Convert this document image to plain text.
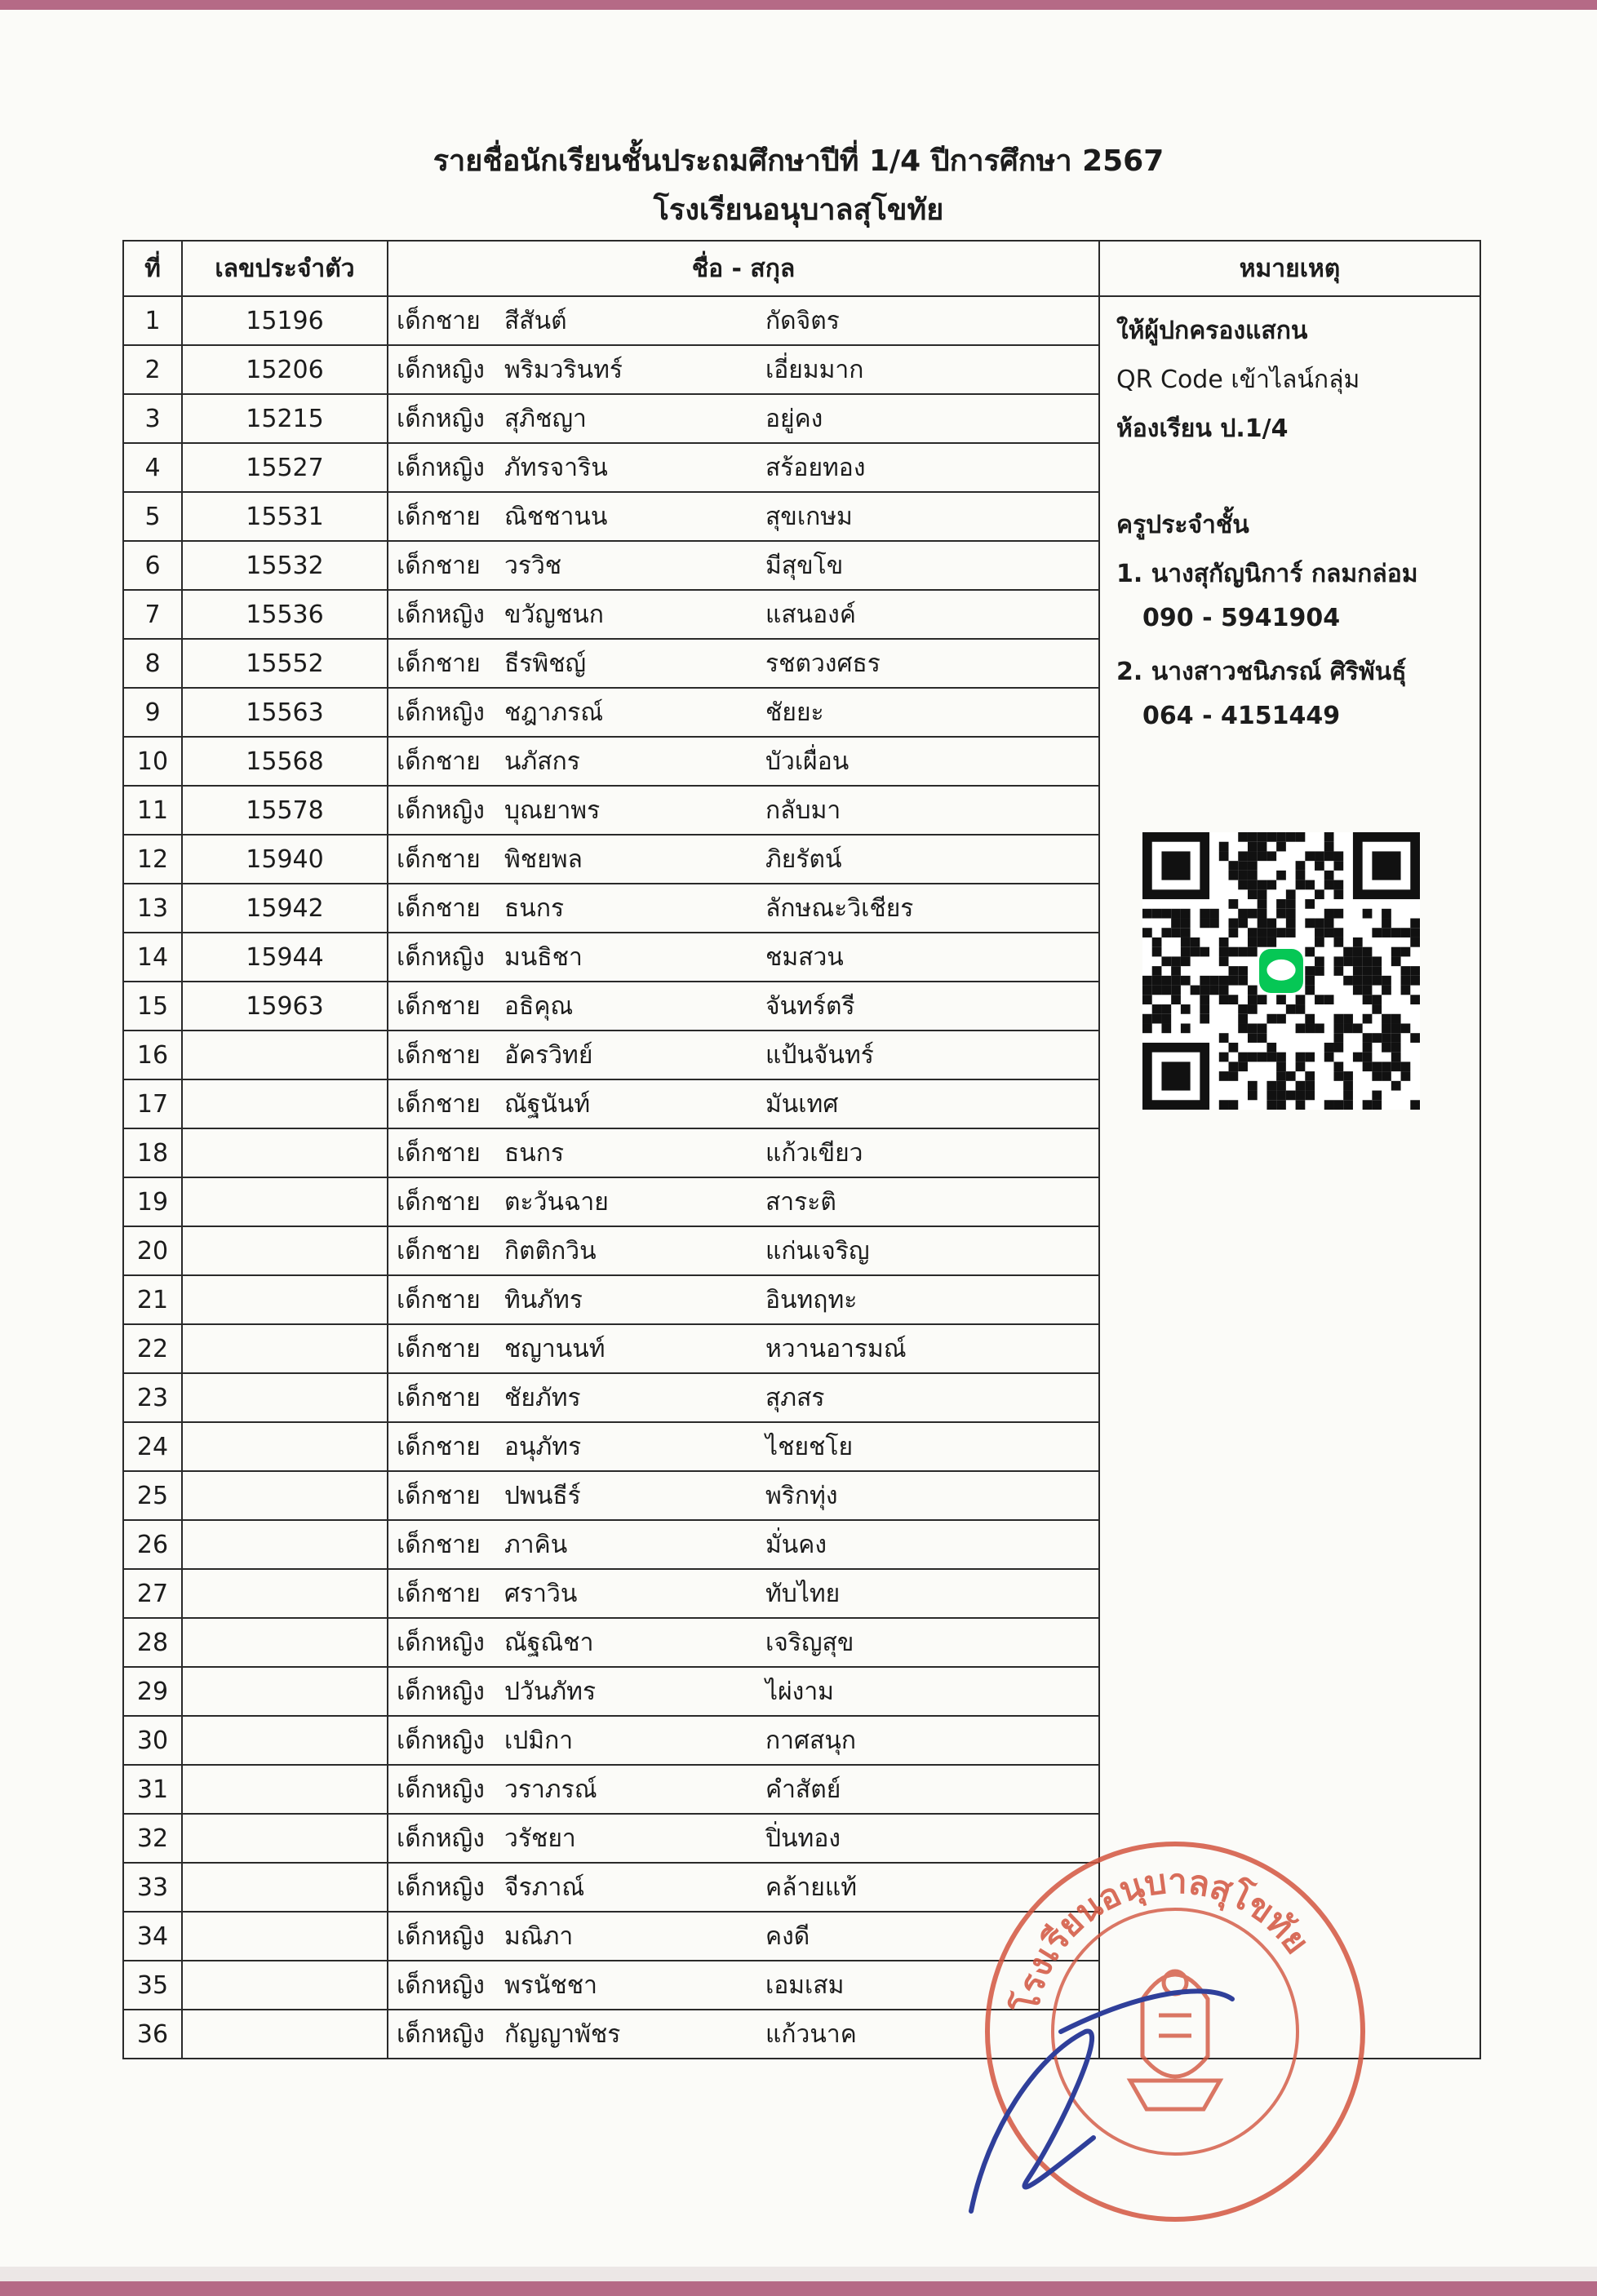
รายชื่อนักเรียนชั้นประถมศึกษาปีที่ 1/4 ปีการศึกษา 2567
โรงเรียนอนุบาลสุโขทัย
ที่	เลขประจำตัว	ชื่อ - สกุล	หมายเหตุ
1	15196	เด็กชาย สีสันต์ กัดจิตร	
2	15206	เด็กหญิง พริมวรินทร์ เอี่ยมมาก	
3	15215	เด็กหญิง สุภิชญา อยู่คง	
4	15527	เด็กหญิง ภัทรจาริน สร้อยทอง	
5	15531	เด็กชาย ณิชชานน สุขเกษม	
6	15532	เด็กชาย วรวิช มีสุขโข	
7	15536	เด็กหญิง ขวัญชนก แสนองค์	
8	15552	เด็กชาย ธีรพิชญ์ รชตวงศธร	
9	15563	เด็กหญิง ชฎาภรณ์ ชัยยะ	
10	15568	เด็กชาย นภัสกร บัวเผื่อน	
11	15578	เด็กหญิง บุณยาพร กลับมา	
12	15940	เด็กชาย พิชยพล ภิยรัตน์	
13	15942	เด็กชาย ธนกร ลักษณะวิเชียร	
14	15944	เด็กหญิง มนธิชา ชมสวน	
15	15963	เด็กชาย อธิคุณ จันทร์ตรี	
16		เด็กชาย อัครวิทย์ แป้นจันทร์	
17		เด็กชาย ณัฐนันท์ มันเทศ	
18		เด็กชาย ธนกร แก้วเขียว	
19		เด็กชาย ตะวันฉาย สาระติ	
20		เด็กชาย กิตติกวิน แก่นเจริญ	
21		เด็กชาย ทินภัทร อินทฤทะ	
22		เด็กชาย ชญานนท์ หวานอารมณ์	
23		เด็กชาย ชัยภัทร สุภสร	
24		เด็กชาย อนุภัทร ไชยชโย	
25		เด็กชาย ปพนธีร์ พริกทุ่ง	
26		เด็กชาย ภาคิน มั่นคง	
27		เด็กชาย ศราวิน ทับไทย	
28		เด็กหญิง ณัฐณิชา เจริญสุข	
29		เด็กหญิง ปวันภัทร ไผ่งาม	
30		เด็กหญิง เปมิกา กาศสนุก	
31		เด็กหญิง วราภรณ์ คำสัตย์	
32		เด็กหญิง วรัชยา ปิ่นทอง	
33		เด็กหญิง จีรภาณ์ คล้ายแท้	
34		เด็กหญิง มณิภา คงดี	
35		เด็กหญิง พรนัชชา เอมเสม	
36		เด็กหญิง กัญญาพัชร แก้วนาค	
ให้ผู้ปกครองแสกน
QR Code เข้าไลน์กลุ่ม
ห้องเรียน ป.1/4
ครูประจำชั้น
1. นางสุกัญนิการ์ กลมกล่อม
090 - 5941904
2. นางสาวชนิภรณ์ ศิริพันธุ์
064 - 4151449
โรงเรียนอนุบาลสุโขทัย
